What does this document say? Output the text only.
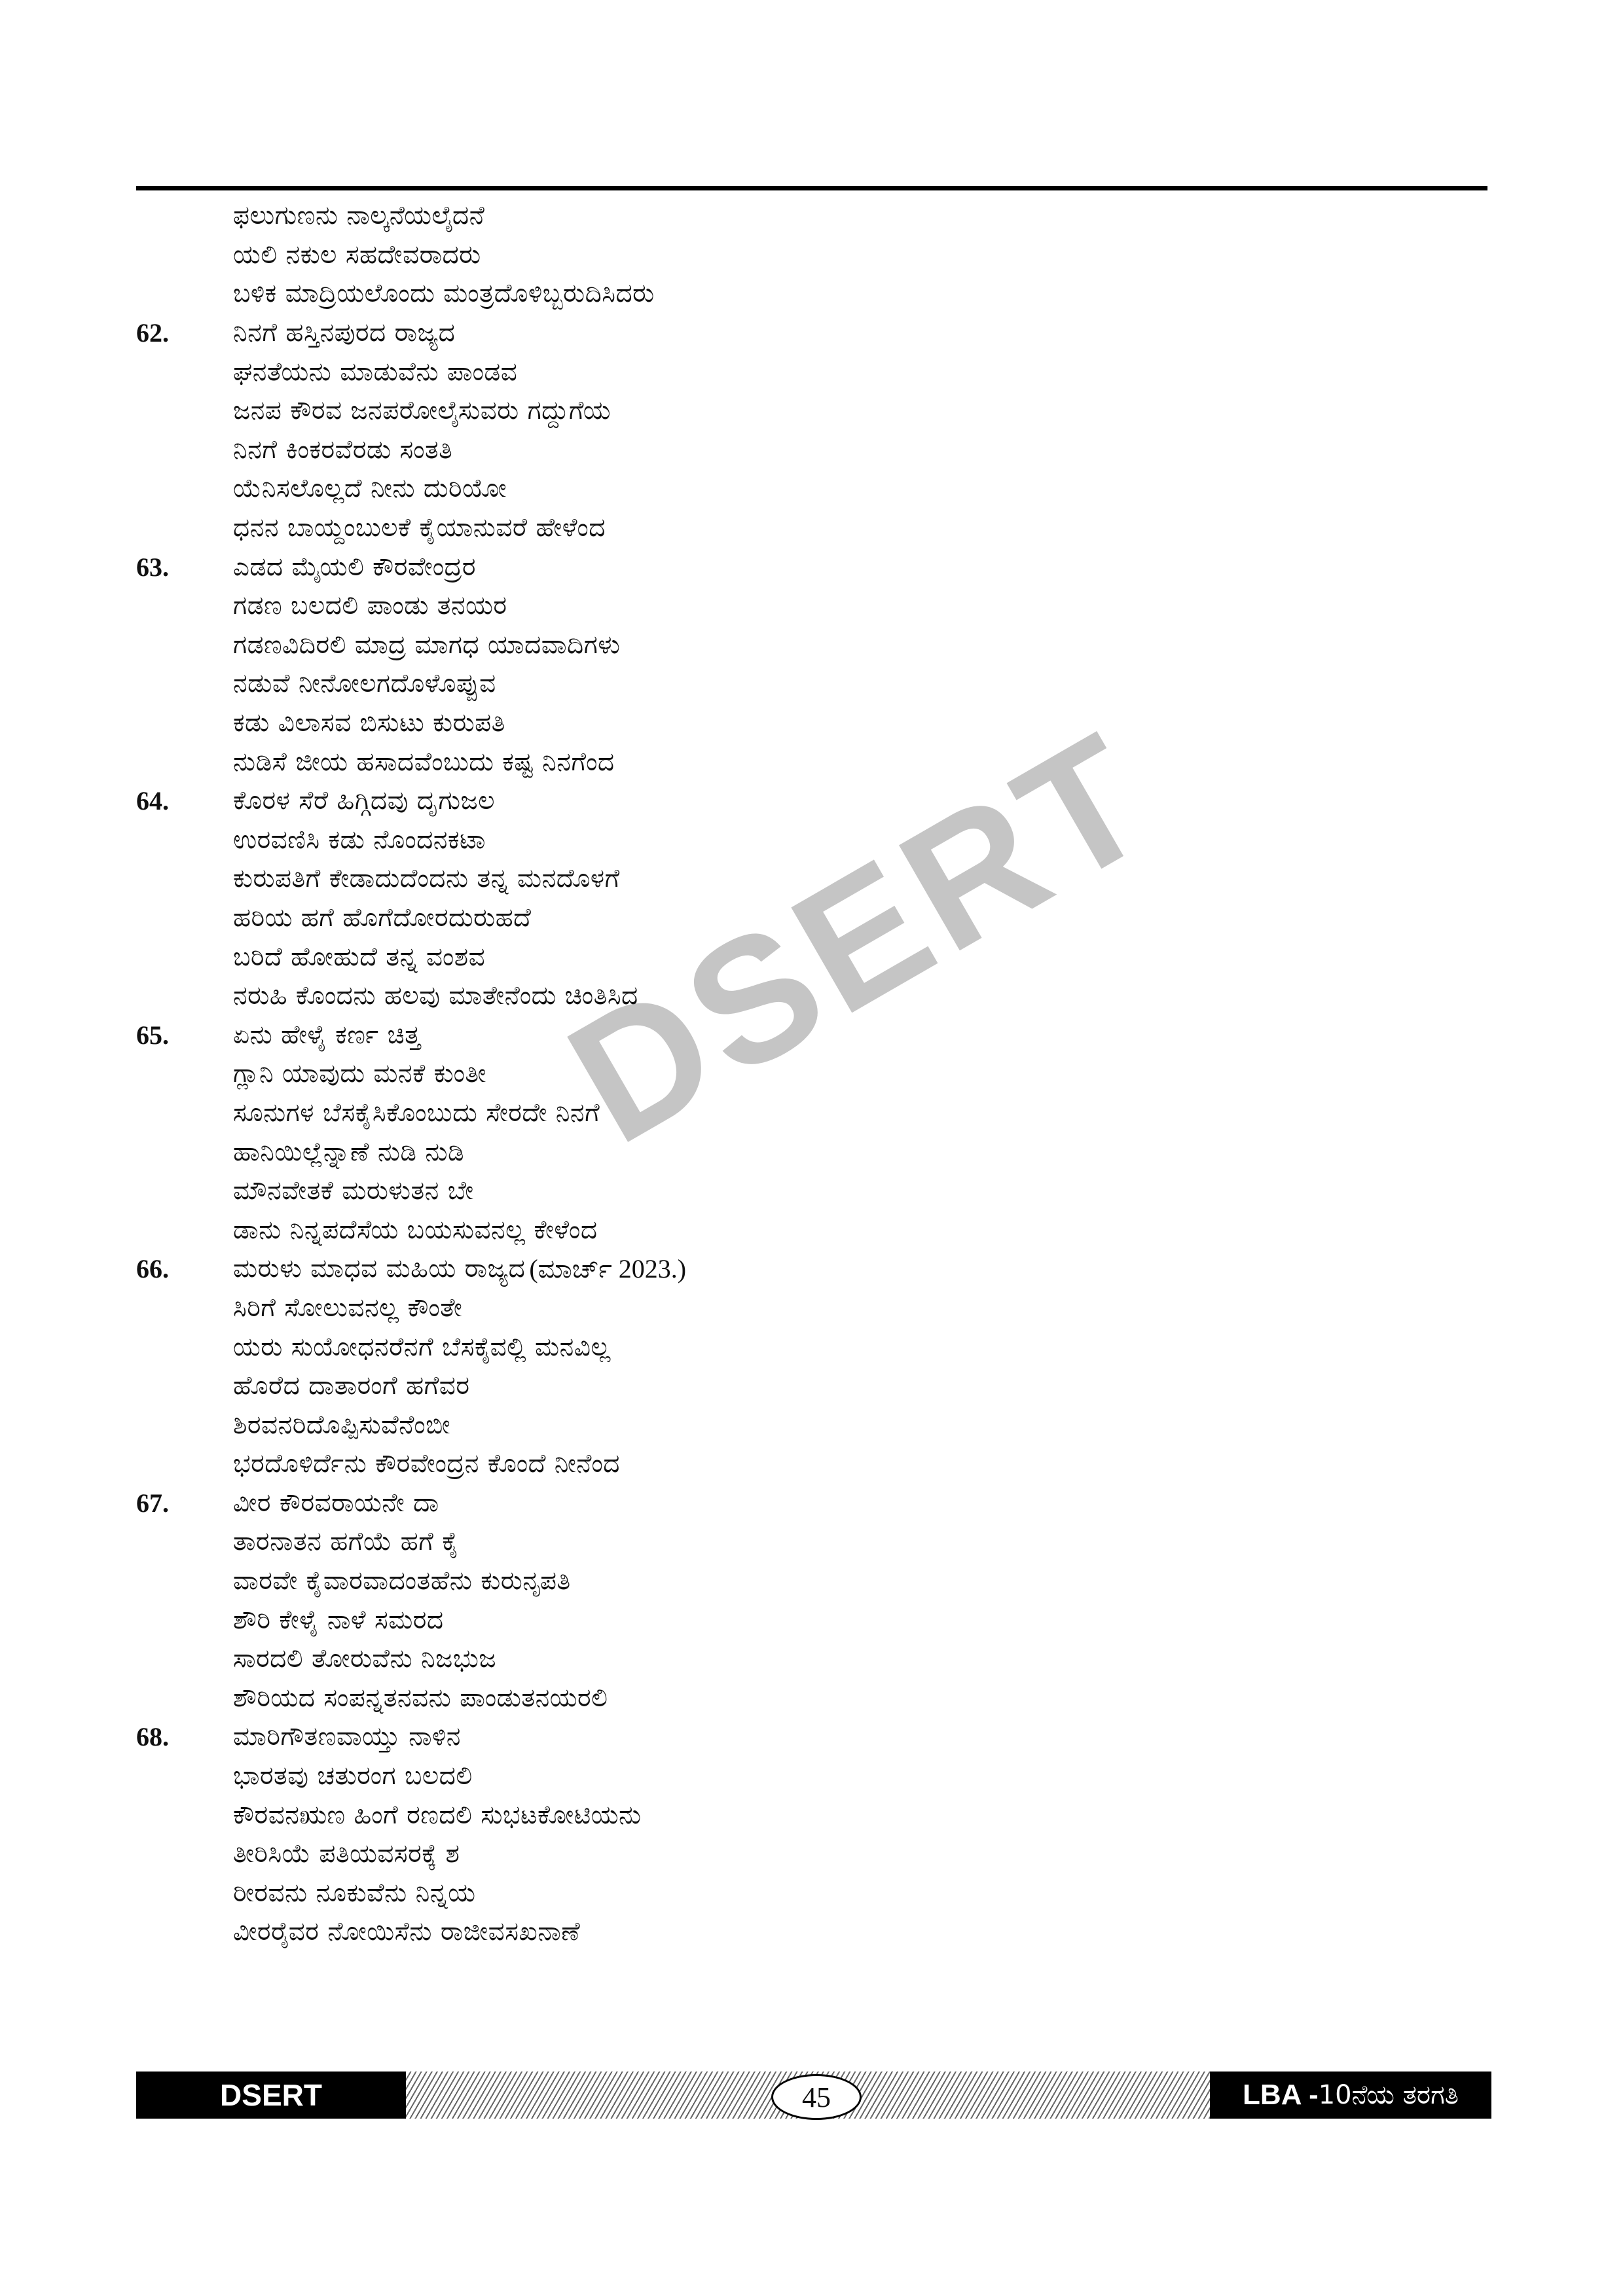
ಫಲುಗುಣನು ನಾಲ್ಕನೆಯಲೈದನೆ
ಯಲಿ ನಕುಲ ಸಹದೇವರಾದರು
ಬಳಿಕ ಮಾದ್ರಿಯಲೊಂದು ಮಂತ್ರದೊಳಿಬ್ಬರುದಿಸಿದರು
62.	ನಿನಗೆ ಹಸ್ತಿನಪುರದ ರಾಜ್ಯದ
ಘನತೆಯನು ಮಾಡುವೆನು ಪಾಂಡವ
ಜನಪ ಕೌರವ ಜನಪರೋಲೈಸುವರು ಗದ್ದುಗೆಯ
ನಿನಗೆ ಕಿಂಕರವೆರಡು ಸಂತತಿ
ಯೆನಿಸಲೊಲ್ಲದೆ ನೀನು ದುರಿಯೋ
ಧನನ ಬಾಯ್ದಂಬುಲಕೆ ಕೈಯಾನುವರೆ ಹೇಳೆಂದ
63.	ಎಡದ ಮೈಯಲಿ ಕೌರವೇಂದ್ರರ
ಗಡಣ ಬಲದಲಿ ಪಾಂಡು ತನಯರ
ಗಡಣವಿದಿರಲಿ ಮಾದ್ರ ಮಾಗಧ ಯಾದವಾದಿಗಳು
ನಡುವೆ ನೀನೋಲಗದೊಳೊಪ್ಪುವ
ಕಡು ವಿಲಾಸವ ಬಿಸುಟು ಕುರುಪತಿ
ನುಡಿಸೆ ಜೀಯ ಹಸಾದವೆಂಬುದು ಕಷ್ಟ ನಿನಗೆಂದ
64.	ಕೊರಳ ಸೆರೆ ಹಿಗ್ಗಿದವು ದೃಗುಜಲ
ಉರವಣಿಸಿ ಕಡು ನೊಂದನಕಟಾ
ಕುರುಪತಿಗೆ ಕೇಡಾದುದೆಂದನು ತನ್ನ ಮನದೊಳಗೆ
ಹರಿಯ ಹಗೆ ಹೊಗೆದೋರದುರುಹದೆ
ಬರಿದೆ ಹೋಹುದೆ ತನ್ನ ವಂಶವ
ನರುಹಿ ಕೊಂದನು ಹಲವು ಮಾತೇನೆಂದು ಚಿಂತಿಸಿದ
65.	ಏನು ಹೇಳೈ ಕರ್ಣ ಚಿತ್ತ
ಗ್ಲಾನಿ ಯಾವುದು ಮನಕೆ ಕುಂತೀ
ಸೂನುಗಳ ಬೆಸಕೈಸಿಕೊಂಬುದು ಸೇರದೇ ನಿನಗೆ
ಹಾನಿಯಿಲ್ಲೆನ್ನಾಣೆ ನುಡಿ ನುಡಿ
ಮೌನವೇತಕೆ ಮರುಳುತನ ಬೇ
ಡಾನು ನಿನ್ನಪದೆಸೆಯ ಬಯಸುವನಲ್ಲ ಕೇಳೆಂದ
66.	ಮರುಳು ಮಾಧವ ಮಹಿಯ ರಾಜ್ಯದ (ಮಾರ್ಚ್ 2023.)
ಸಿರಿಗೆ ಸೋಲುವನಲ್ಲ ಕೌಂತೇ
ಯರು ಸುಯೋಧನರೆನಗೆ ಬೆಸಕೈವಲ್ಲಿ ಮನವಿಲ್ಲ
ಹೊರೆದ ದಾತಾರಂಗೆ ಹಗೆವರ
ಶಿರವನರಿದೊಪ್ಪಿಸುವೆನೆಂಬೀ
ಭರದೊಳಿರ್ದೆನು ಕೌರವೇಂದ್ರನ ಕೊಂದೆ ನೀನೆಂದ
67.	ವೀರ ಕೌರವರಾಯನೇ ದಾ
ತಾರನಾತನ ಹಗೆಯೆ ಹಗೆ ಕೈ
ವಾರವೇ ಕೈವಾರವಾದಂತಹೆನು ಕುರುನೃಪತಿ
ಶೌರಿ ಕೇಳೈ ನಾಳೆ ಸಮರದ
ಸಾರದಲಿ ತೋರುವೆನು ನಿಜಭುಜ
ಶೌರಿಯದ ಸಂಪನ್ನತನವನು ಪಾಂಡುತನಯರಲಿ
68.	ಮಾರಿಗೌತಣವಾಯ್ತು ನಾಳಿನ
ಭಾರತವು ಚತುರಂಗ ಬಲದಲಿ
ಕೌರವನಋಣ ಹಿಂಗೆ ರಣದಲಿ ಸುಭಟಕೋಟಿಯನು
ತೀರಿಸಿಯೆ ಪತಿಯವಸರಕ್ಕೆ ಶ
ರೀರವನು ನೂಕುವೆನು ನಿನ್ನಯ
ವೀರರೈವರ ನೋಯಿಸೆನು ರಾಜೀವಸಖನಾಣೆ
DSERT
DSERT	45	LBA - 10ನೆಯ ತರಗತಿ
